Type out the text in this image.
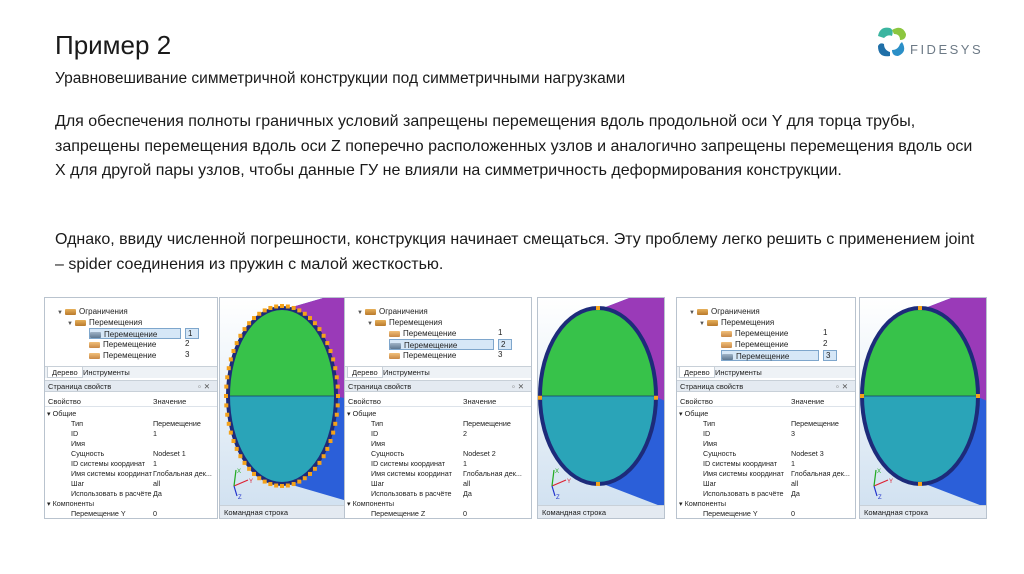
Пример 2	FIDESYS
Уравновешивание симметричной конструкции под симметричными нагрузками
Для обеспечения полноты граничных условий запрещены перемещения вдоль продольной оси Y для торца трубы, запрещены перемещения вдоль оси Z поперечно расположенных узлов и аналогично запрещены перемещения вдоль оси X для другой пары узлов, чтобы данные ГУ не влияли на симметричность деформирования конструкции.
Однако, ввиду численной погрешности, конструкция начинает смещаться. Эту проблему легко решить с применением joint – spider соединения из пружин с малой жесткостью.
▼ Ограничения
▼ Перемещения
Перемещение
Перемещение
Перемещение
1
2
3
Дерево Инструменты
Страница свойств	▫✕
Свойство	Значение
▾ Общие
Тип	Перемещение
ID	1
Имя
Сущность	Nodeset 1
ID системы координат 1
Имя системы координат Глобальная дек...
Шаг	all
Использовать в расчёте Да
▾ Компоненты
Перемещение Y	0
Y
X
Z
Командная строка
▼ Ограничения
▼ Перемещения
Перемещение
Перемещение
Перемещение
1
2
3
Дерево Инструменты
Страница свойств	▫✕
Свойство	Значение
▾ Общие
Тип	Перемещение
ID	2
Имя
Сущность	Nodeset 2
ID системы координат 1
Имя системы координат Глобальная дек...
Шаг	all
Использовать в расчёте Да
▾ Компоненты
Перемещение Z	0
Y
X
Z
Командная строка
▼ Ограничения
▼ Перемещения
Перемещение
Перемещение
Перемещение
1
2
3
Дерево Инструменты
Страница свойств	▫✕
Свойство	Значение
▾ Общие
Тип	Перемещение
ID	3
Имя
Сущность	Nodeset 3
ID системы координат 1
Имя системы координат Глобальная дек...
Шаг	all
Использовать в расчёте Да
▾ Компоненты
Перемещение Y	0
Y
X
Z
Командная строка
